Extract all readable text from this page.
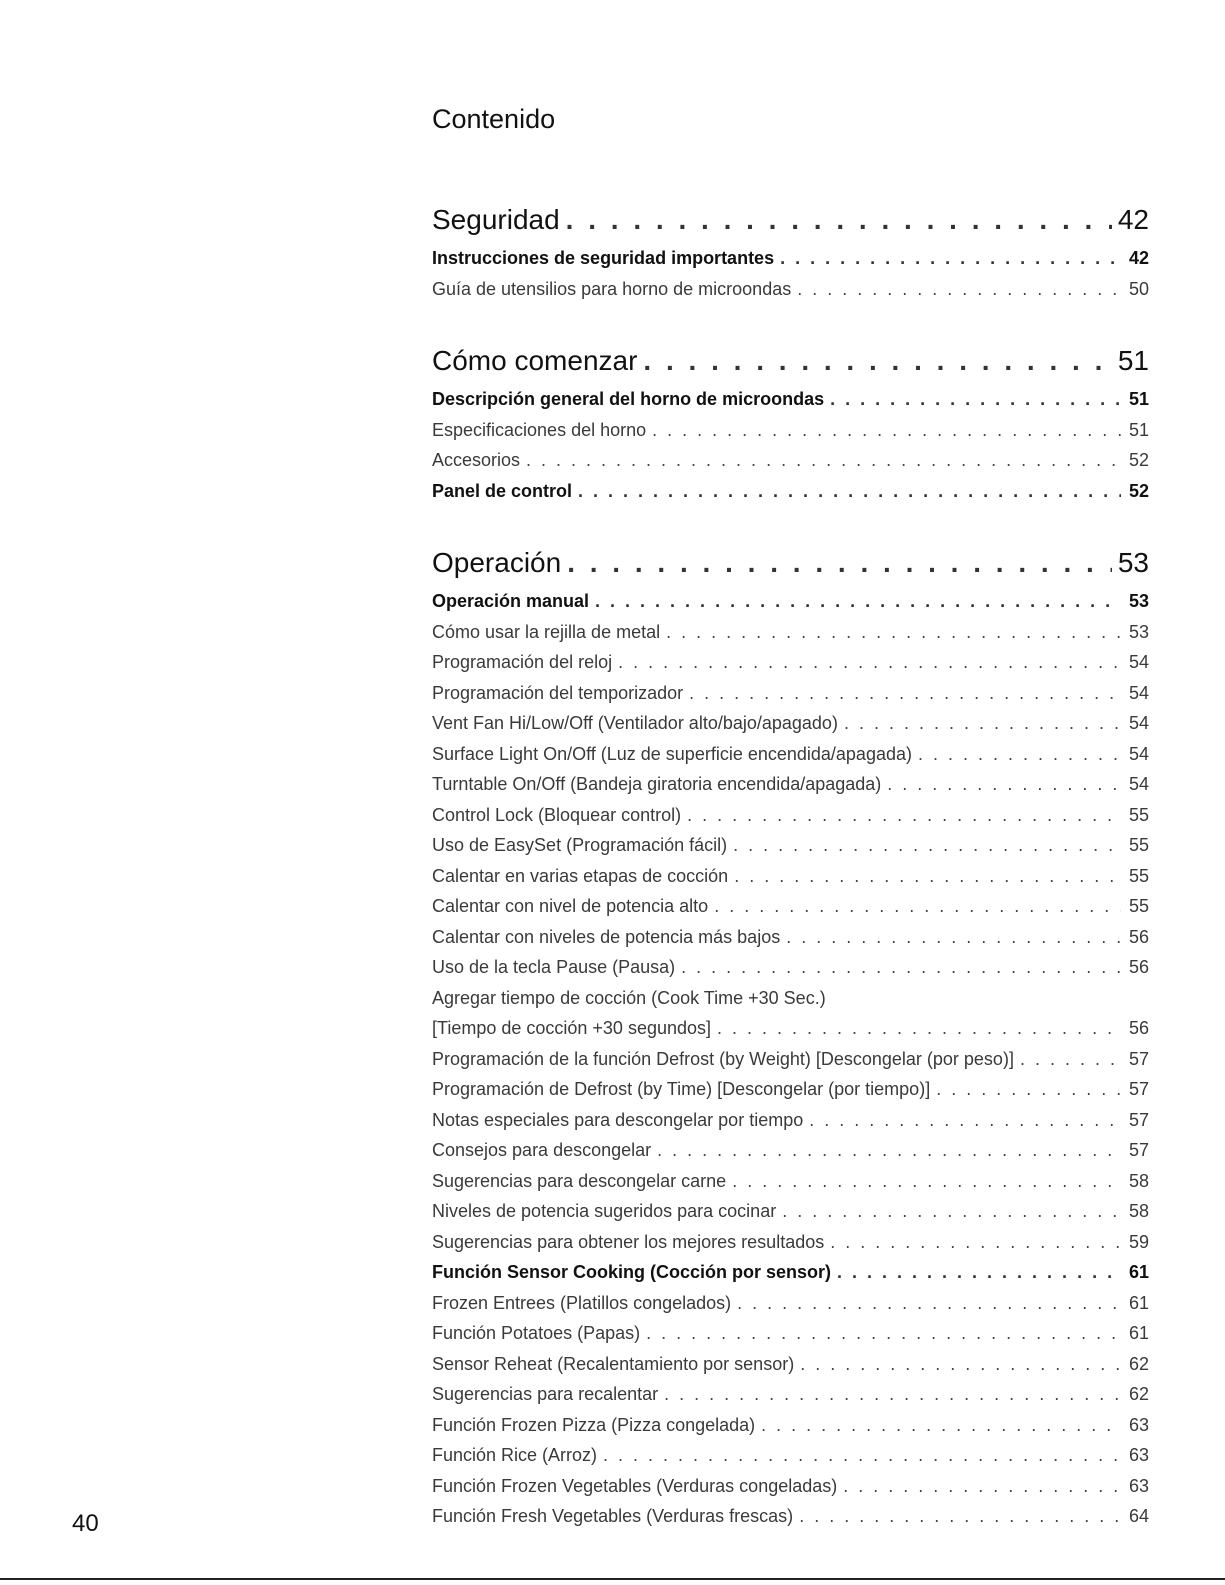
Contenido
Seguridad . . .	42
Instrucciones de seguridad importantes . . .	42
Guía de utensilios para horno de microondas . . .	50
Cómo comenzar . . .	51
Descripción general del horno de microondas . . .	51
Especificaciones del horno . . .	51
Accesorios . . .	52
Panel de control . . .	52
Operación . . .	53
Operación manual . . .	53
Cómo usar la rejilla de metal . . .	53
Programación del reloj . . .	54
Programación del temporizador . . .	54
Vent Fan Hi/Low/Off (Ventilador alto/bajo/apagado) . . .	54
Surface Light On/Off (Luz de superficie encendida/apagada) . . .	54
Turntable On/Off (Bandeja giratoria encendida/apagada) . . .	54
Control Lock (Bloquear control) . . .	55
Uso de EasySet (Programación fácil) . . .	55
Calentar en varias etapas de cocción . . .	55
Calentar con nivel de potencia alto . . .	55
Calentar con niveles de potencia más bajos . . .	56
Uso de la tecla Pause (Pausa) . . .	56
Agregar tiempo de cocción (Cook Time +30 Sec.)
[Tiempo de cocción +30 segundos] . . .	56
Programación de la función Defrost (by Weight) [Descongelar (por peso)] . . .	57
Programación de Defrost (by Time) [Descongelar (por tiempo)] . . .	57
Notas especiales para descongelar por tiempo . . .	57
Consejos para descongelar . . .	57
Sugerencias para descongelar carne . . .	58
Niveles de potencia sugeridos para cocinar . . .	58
Sugerencias para obtener los mejores resultados . . .	59
Función Sensor Cooking (Cocción por sensor) . . .	61
Frozen Entrees (Platillos congelados) . . .	61
Función Potatoes (Papas) . . .	61
Sensor Reheat (Recalentamiento por sensor) . . .	62
Sugerencias para recalentar . . .	62
Función Frozen Pizza (Pizza congelada) . . .	63
Función Rice (Arroz) . . .	63
Función Frozen Vegetables (Verduras congeladas) . . .	63
Función Fresh Vegetables (Verduras frescas) . . .	64
40
